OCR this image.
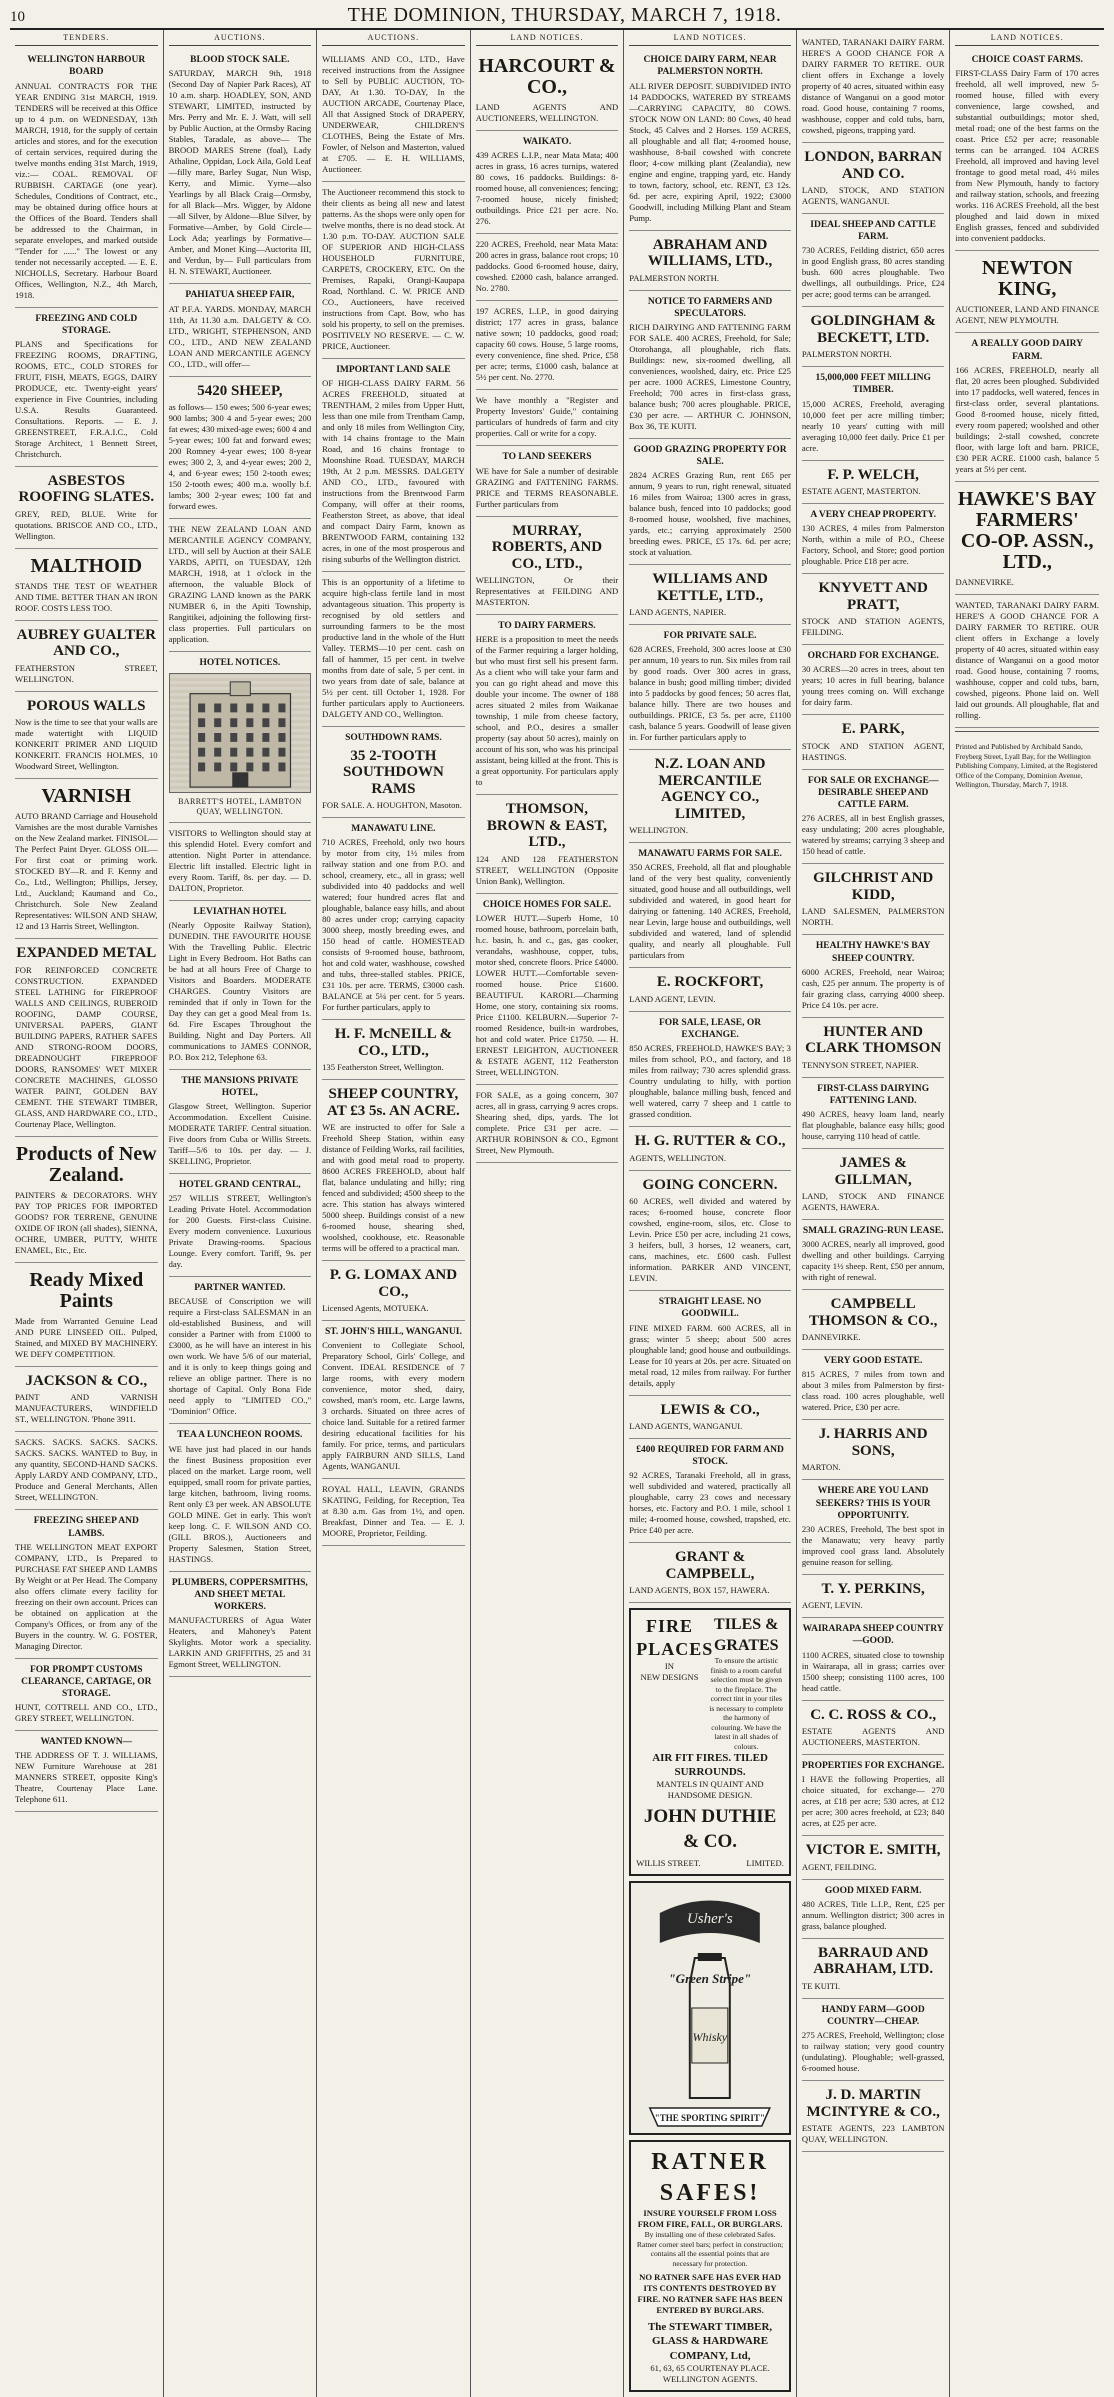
10	THE DOMINION, THURSDAY, MARCH 7, 1918.
TENDERS.
WELLINGTON HARBOUR BOARD

ANNUAL CONTRACTS FOR THE YEAR ENDING 31st MARCH, 1919. TENDERS will be received at this Office up to 4 p.m. on WEDNESDAY, 13th MARCH, 1918, for the supply of certain articles and stores, and for the execution of certain services, required during the twelve months ending 31st March, 1919, viz.:— COAL. REMOVAL OF RUBBISH. CARTAGE (one year). Schedules, Conditions of Contract, etc., may be obtained during office hours at the Offices of the Board. Tenders shall be addressed to the Chairman, in separate envelopes, and marked outside "Tender for ......" The lowest or any tender not necessarily accepted. — E. E. NICHOLLS, Secretary. Harbour Board Offices, Wellington, N.Z., 4th March, 1918.

FREEZING AND COLD STORAGE.

PLANS and Specifications for FREEZING ROOMS, DRAFTING, ROOMS, ETC., COLD STORES for FRUIT, FISH, MEATS, EGGS, DAIRY PRODUCE, etc. Twenty-eight years' experience in Five Countries, including U.S.A. Results Guaranteed. Consultations. Reports. — E. J. GREENSTREET, F.R.A.I.C., Cold Storage Architect, 1 Bennett Street, Christchurch.

ASBESTOS ROOFING SLATES.

GREY, RED, BLUE. Write for quotations. BRISCOE AND CO., LTD., Wellington.

MALTHOID

STANDS THE TEST OF WEATHER AND TIME. BETTER THAN AN IRON ROOF. COSTS LESS TOO.

AUBREY GUALTER AND CO.,

FEATHERSTON STREET, WELLINGTON.

POROUS WALLS

Now is the time to see that your walls are made watertight with LIQUID KONKERIT PRIMER AND LIQUID KONKERIT. FRANCIS HOLMES, 10 Woodward Street, Wellington.

VARNISH

AUTO BRAND Carriage and Household Varnishes are the most durable Varnishes on the New Zealand market. FINISOL—The Perfect Paint Dryer. GLOSS OIL—For first coat or priming work. STOCKED BY—R. and F. Kenny and Co., Ltd., Wellington; Phillips, Jersey, Ltd., Auckland; Kaumand and Co., Christchurch. Sole New Zealand Representatives: WILSON AND SHAW, 12 and 13 Harris Street, Wellington.

EXPANDED METAL

FOR REINFORCED CONCRETE CONSTRUCTION. EXPANDED STEEL LATHING for FIREPROOF WALLS AND CEILINGS, RUBEROID ROOFING, DAMP COURSE, UNIVERSAL PAPERS, GIANT BUILDING PAPERS, RATHER SAFES AND STRONG-ROOM DOORS, DREADNOUGHT FIREPROOF DOORS, RANSOMES' WET MIXER CONCRETE MACHINES, GLOSSO WATER PAINT, GOLDEN BAY CEMENT. THE STEWART TIMBER, GLASS, AND HARDWARE CO., LTD., Courtenay Place, Wellington.

Products of New Zealand.

PAINTERS & DECORATORS. WHY PAY TOP PRICES FOR IMPORTED GOODS? FOR TERRENE, GENUINE OXIDE OF IRON (all shades), SIENNA, OCHRE, UMBER, PUTTY, WHITE ENAMEL, Etc., Etc.

Ready Mixed Paints

Made from Warranted Genuine Lead AND PURE LINSEED OIL. Pulped, Stained, and MIXED BY MACHINERY. WE DEFY COMPETITION.

JACKSON & CO.,

PAINT AND VARNISH MANUFACTURERS, WINDFIELD ST., WELLINGTON. 'Phone 3911.

SACKS. SACKS. SACKS. SACKS. SACKS. SACKS. WANTED to Buy, in any quantity, SECOND-HAND SACKS. Apply LARDY AND COMPANY, LTD., Produce and General Merchants, Allen Street, WELLINGTON.

FREEZING SHEEP AND LAMBS.

THE WELLINGTON MEAT EXPORT COMPANY, LTD., Is Prepared to PURCHASE FAT SHEEP AND LAMBS By Weight or at Per Head. The Company also offers climate every facility for freezing on their own account. Prices can be obtained on application at the Company's Offices, or from any of the Buyers in the country. W. G. FOSTER, Managing Director.

FOR PROMPT CUSTOMS CLEARANCE, CARTAGE, OR STORAGE.

HUNT, COTTRELL AND CO., LTD., GREY STREET, WELLINGTON.

WANTED KNOWN—

THE ADDRESS OF T. J. WILLIAMS, NEW Furniture Warehouse at 281 MANNERS STREET, opposite King's Theatre, Courtenay Place Lane. Telephone 611.

AUCTIONS.
BLOOD STOCK SALE.

SATURDAY, MARCH 9th, 1918 (Second Day of Napier Park Races), AT 10 a.m. sharp. HOADLEY, SON, AND STEWART, LIMITED, instructed by Mrs. Perry and Mr. E. J. Watt, will sell by Public Auction, at the Ormsby Racing Stables, Taradale, as above— The BROOD MARES Strene (foal), Lady Athaline, Oppidan, Lock Aila, Gold Leaf—filly mare, Barley Sugar, Nun Wisp, Kerry, and Mimic. Yyrne—also Yearlings by all Black Craig—Ormsby, for all Black—Mrs. Wigger, by Aldone—all Silver, by Aldone—Blue Silver, by Formative—Amber, by Gold Circle—Lock Ada; yearlings by Formative—Amber, and Monet King—Auctorita III, and Verdun, by— Full particulars from H. N. STEWART, Auctioneer.

PAHIATUA SHEEP FAIR,

AT P.F.A. YARDS. MONDAY, MARCH 11th, At 11.30 a.m. DALGETY & CO. LTD., WRIGHT, STEPHENSON, AND CO., LTD., AND NEW ZEALAND LOAN AND MERCANTILE AGENCY CO., LTD., will offer—

5420 SHEEP,

as follows— 150 ewes; 500 6-year ewes; 900 lambs; 300 4 and 5-year ewes; 200 fat ewes; 430 mixed-age ewes; 600 4 and 5-year ewes; 100 fat and forward ewes; 200 Romney 4-year ewes; 100 8-year ewes; 300 2, 3, and 4-year ewes; 200 2, 4, and 6-year ewes; 150 2-tooth ewes; 150 2-tooth ewes; 400 m.a. woolly b.f. lambs; 300 2-year ewes; 100 fat and forward ewes.

THE NEW ZEALAND LOAN AND MERCANTILE AGENCY COMPANY, LTD., will sell by Auction at their SALE YARDS, APITI, on TUESDAY, 12th MARCH, 1918, at 1 o'clock in the afternoon, the valuable Block of GRAZING LAND known as the PARK NUMBER 6, in the Apiti Township, Rangitikei, adjoining the following first-class properties. Full particulars on application.

HOTEL NOTICES.
BARRETT'S HOTEL, LAMBTON QUAY, WELLINGTON.

VISITORS to Wellington should stay at this splendid Hotel. Every comfort and attention. Night Porter in attendance. Electric lift installed. Electric light in every Room. Tariff, 8s. per day. — D. DALTON, Proprietor.

LEVIATHAN HOTEL

(Nearly Opposite Railway Station), DUNEDIN. THE FAVOURITE HOUSE With the Travelling Public. Electric Light in Every Bedroom. Hot Baths can be had at all hours Free of Charge to Visitors and Boarders. MODERATE CHARGES. Country Visitors are reminded that if only in Town for the Day they can get a good Meal from 1s. 6d. Fire Escapes Throughout the Building. Night and Day Porters. All communications to JAMES CONNOR, P.O. Box 212, Telephone 63.

THE MANSIONS PRIVATE HOTEL,

Glasgow Street, Wellington. Superior Accommodation. Excellent Cuisine. MODERATE TARIFF. Central situation. Five doors from Cuba or Willis Streets. Tariff—5/6 to 10s. per day. — J. SKELLING, Proprietor.

HOTEL GRAND CENTRAL,

257 WILLIS STREET, Wellington's Leading Private Hotel. Accommodation for 200 Guests. First-class Cuisine. Every modern convenience. Luxurious Private Drawing-rooms. Spacious Lounge. Every comfort. Tariff, 9s. per day.

PARTNER WANTED.

BECAUSE of Conscription we will require a First-class SALESMAN in an old-established Business, and will consider a Partner with from £1000 to £3000, as he will have an interest in his own work. We have 5/6 of our material, and it is only to keep things going and relieve an oblige partner. There is no shortage of Capital. Only Bona Fide need apply to "LIMITED CO.," "Dominion" Office.

TEA A LUNCHEON ROOMS.

WE have just had placed in our hands the finest Business proposition ever placed on the market. Large room, well equipped, small room for private parties, large kitchen, bathroom, living rooms. Rent only £3 per week. AN ABSOLUTE GOLD MINE. Get in early. This won't keep long. C. F. WILSON AND CO. (GILL BROS.), Auctioneers and Property Salesmen, Station Street, HASTINGS.

PLUMBERS, COPPERSMITHS, AND SHEET METAL WORKERS.

MANUFACTURERS of Agua Water Heaters, and Mahoney's Patent Skylights. Motor work a speciality. LARKIN AND GRIFFITHS, 25 and 31 Egmont Street, WELLINGTON.

AUCTIONS.

WILLIAMS AND CO., LTD., Have received instructions from the Assignee to Sell by PUBLIC AUCTION, TO-DAY, At 1.30. TO-DAY, In the AUCTION ARCADE, Courtenay Place, All that Assigned Stock of DRAPERY, UNDERWEAR, CHILDREN'S CLOTHES, Being the Estate of Mrs. Fowler, of Nelson and Masterton, valued at £705. — E. H. WILLIAMS, Auctioneer.

The Auctioneer recommend this stock to their clients as being all new and latest patterns. As the shops were only open for twelve months, there is no dead stock. At 1.30 p.m. TO-DAY. AUCTION SALE OF SUPERIOR AND HIGH-CLASS HOUSEHOLD FURNITURE, CARPETS, CROCKERY, ETC. On the Premises, Rapaki, Orangi-Kaupapa Road, Northland. C. W. PRICE AND CO., Auctioneers, have received instructions from Capt. Bow, who has sold his property, to sell on the premises. POSITIVELY NO RESERVE. — C. W. PRICE, Auctioneer.

IMPORTANT LAND SALE

OF HIGH-CLASS DAIRY FARM. 56 ACRES FREEHOLD, situated at TRENTHAM, 2 miles from Upper Hutt, less than one mile from Trentham Camp, and only 18 miles from Wellington City, with 14 chains frontage to the Main Road, and 16 chains frontage to Moonshine Road. TUESDAY, MARCH 19th, At 2 p.m. MESSRS. DALGETY AND CO., LTD., favoured with instructions from the Brentwood Farm Company, will offer at their rooms, Featherston Street, as above, that ideal and compact Dairy Farm, known as BRENTWOOD FARM, containing 132 acres, in one of the most prosperous and rising suburbs of the Wellington district.

This is an opportunity of a lifetime to acquire high-class fertile land in most advantageous situation. This property is recognised by old settlers and surrounding farmers to be the most productive land in the whole of the Hutt Valley. TERMS—10 per cent. cash on fall of hammer, 15 per cent. in twelve months from date of sale, 5 per cent. in two years from date of sale, balance at 5½ per cent. till October 1, 1928. For further particulars apply to Auctioneers. DALGETY AND CO., Wellington.

SOUTHDOWN RAMS.
35 2-TOOTH SOUTHDOWN RAMS

FOR SALE. A. HOUGHTON, Masoton.

MANAWATU LINE.

710 ACRES, Freehold, only two hours by motor from city, 1½ miles from railway station and one from P.O. and school, creamery, etc., all in grass; well subdivided into 40 paddocks and well watered; four hundred acres flat and ploughable, balance easy hills, and about 80 acres under crop; carrying capacity 3000 sheep, mostly breeding ewes, and 150 head of cattle. HOMESTEAD consists of 9-roomed house, bathroom, hot and cold water, washhouse, cowshed and tubs, three-stalled stables. PRICE, £31 10s. per acre. TERMS, £3000 cash. BALANCE at 5¼ per cent. for 5 years. For further particulars, apply to

H. F. McNEILL & CO., LTD.,

135 Featherston Street, Wellington.

SHEEP COUNTRY, AT £3 5s. AN ACRE.

WE are instructed to offer for Sale a Freehold Sheep Station, within easy distance of Feilding Works, rail facilities, and with good metal road to property. 8600 ACRES FREEHOLD, about half flat, balance undulating and hilly; ring fenced and subdivided; 4500 sheep to the acre. This station has always wintered 5000 sheep. Buildings consist of a new 6-roomed house, shearing shed, woolshed, cookhouse, etc. Reasonable terms will be offered to a practical man.

P. G. LOMAX AND CO.,

Licensed Agents, MOTUEKA.

ST. JOHN'S HILL, WANGANUI.

Convenient to Collegiate School, Preparatory School, Girls' College, and Convent. IDEAL RESIDENCE of 7 large rooms, with every modern convenience, motor shed, dairy, cowshed, man's room, etc. Large lawns, 3 orchards. Situated on three acres of choice land. Suitable for a retired farmer desiring educational facilities for his family. For price, terms, and particulars apply FAIRBURN AND SILLS, Land Agents, WANGANUI.

ROYAL HALL, LEAVIN, GRANDS SKATING, Feilding, for Reception, Tea at 8.30 a.m. Gas from 1½, and open. Breakfast, Dinner and Tea. — E. J. MOORE, Proprietor, Feilding.

LAND NOTICES.
HARCOURT & CO.,

LAND AGENTS AND AUCTIONEERS, WELLINGTON.

WAIKATO.

439 ACRES L.I.P., near Mata Mata; 400 acres in grass, 16 acres turnips, watered 80 cows, 16 paddocks. Buildings: 8-roomed house, all conveniences; fencing; 7-roomed house, nicely finished; outbuildings. Price £21 per acre. No. 276.

220 ACRES, Freehold, near Mata Mata: 200 acres in grass, balance root crops; 10 paddocks. Good 6-roomed house, dairy, cowshed. £2000 cash, balance arranged. No. 2780.

197 ACRES, L.I.P., in good dairying district; 177 acres in grass, balance native sown; 10 paddocks, good road; capacity 60 cows. House, 5 large rooms, every convenience, fine shed. Price, £58 per acre; terms, £1000 cash, balance at 5½ per cent. No. 2770.

We have monthly a "Register and Property Investors' Guide," containing particulars of hundreds of farm and city properties. Call or write for a copy.

TO LAND SEEKERS

WE have for Sale a number of desirable GRAZING and FATTENING FARMS. PRICE and TERMS REASONABLE. Further particulars from

MURRAY, ROBERTS, AND CO., LTD.,

WELLINGTON, Or their Representatives at FEILDING AND MASTERTON.

TO DAIRY FARMERS.

HERE is a proposition to meet the needs of the Farmer requiring a larger holding, but who must first sell his present farm. As a client who will take your farm and you can go right ahead and move this double your income. The owner of 188 acres situated 2 miles from Waikanae township, 1 mile from cheese factory, school, and P.O., desires a smaller property (say about 50 acres), mainly on account of his son, who was his principal assistant, being killed at the front. This is a great opportunity. For particulars apply to

THOMSON, BROWN & EAST, LTD.,

124 AND 128 FEATHERSTON STREET, WELLINGTON (Opposite Union Bank), Wellington.

CHOICE HOMES FOR SALE.

LOWER HUTT.—Superb Home, 10 roomed house, bathroom, porcelain bath, h.c. basin, h. and c., gas, gas cooker, verandahs, washhouse, copper, tubs, motor shed, concrete floors. Price £4000. LOWER HUTT.—Comfortable seven-roomed house. Price £1600. BEAUTIFUL KARORI.—Charming Home, one story, containing six rooms. Price £1100. KELBURN.—Superior 7-roomed Residence, built-in wardrobes, hot and cold water. Price £1750. — H. ERNEST LEIGHTON, AUCTIONEER & ESTATE AGENT, 112 Featherston Street, WELLINGTON.

FOR SALE, as a going concern, 307 acres, all in grass, carrying 9 acres crops. Shearing shed, dips, yards. The lot complete. Price £31 per acre. — ARTHUR ROBINSON & CO., Egmont Street, New Plymouth.

LAND NOTICES.
CHOICE DAIRY FARM, NEAR PALMERSTON NORTH.

ALL RIVER DEPOSIT. SUBDIVIDED INTO 14 PADDOCKS, WATERED BY STREAMS—CARRYING CAPACITY, 80 COWS. STOCK NOW ON LAND: 80 Cows, 40 head Stock, 45 Calves and 2 Horses. 159 ACRES, all ploughable and all flat; 4-roomed house, washhouse, 8-bail cowshed with concrete floor; 4-cow milking plant (Zealandia), new engine and engine, trapping yard, etc. Handy to town, factory, school, etc. RENT, £3 12s. 6d. per acre, expiring April, 1922; £3000 Goodwill, including Milking Plant and Steam Pump.

ABRAHAM AND WILLIAMS, LTD.,

PALMERSTON NORTH.

NOTICE TO FARMERS AND SPECULATORS.

RICH DAIRYING AND FATTENING FARM FOR SALE. 400 ACRES, Freehold, for Sale; Otorohanga, all ploughable, rich flats. Buildings: new, six-roomed dwelling, all conveniences, woolshed, dairy, etc. Price £25 per acre. 1000 ACRES, Limestone Country, Freehold; 700 acres in first-class grass, balance bush; 700 acres ploughable. PRICE, £30 per acre. — ARTHUR C. JOHNSON, Box 36, TE KUITI.

GOOD GRAZING PROPERTY FOR SALE.

2824 ACRES Grazing Run, rent £65 per annum, 9 years to run, right renewal, situated 16 miles from Wairoa; 1300 acres in grass, balance bush, fenced into 10 paddocks; good 8-roomed house, woolshed, five machines, yards, etc.; carrying approximately 2500 breeding ewes. PRICE, £5 17s. 6d. per acre; stock at valuation.

WILLIAMS AND KETTLE, LTD.,

LAND AGENTS, NAPIER.

FOR PRIVATE SALE.

628 ACRES, Freehold, 300 acres loose at £30 per annum, 10 years to run. Six miles from rail by good roads. Over 300 acres in grass, balance in bush; good milling timber; divided into 5 paddocks by good fences; 50 acres flat, balance hilly. There are two houses and outbuildings. PRICE, £3 5s. per acre, £1100 cash, balance 5 years. Goodwill of lease given in. For further particulars apply to

N.Z. LOAN AND MERCANTILE AGENCY CO., LIMITED,

WELLINGTON.

MANAWATU FARMS FOR SALE.

350 ACRES, Freehold, all flat and ploughable land of the very best quality, conveniently situated, good house and all outbuildings, well subdivided and watered, in good heart for dairying or fattening. 140 ACRES, Freehold, near Levin, large house and outbuildings, well subdivided and watered, land of splendid quality, and nearly all ploughable. Full particulars from

E. ROCKFORT,

LAND AGENT, LEVIN.

FOR SALE, LEASE, OR EXCHANGE.

850 ACRES, FREEHOLD, HAWKE'S BAY; 3 miles from school, P.O., and factory, and 18 miles from railway; 730 acres splendid grass. Country undulating to hilly, with portion ploughable, balance milling bush, fenced and well watered, carry 7 sheep and 1 cattle to grassed condition.

H. G. RUTTER & CO.,

AGENTS, WELLINGTON.

GOING CONCERN.

60 ACRES, well divided and watered by races; 6-roomed house, concrete floor cowshed, engine-room, silos, etc. Close to Levin. Price £50 per acre, including 21 cows, 3 heifers, bull, 3 horses, 12 weaners, cart, cans, machines, etc. £600 cash. Fullest information. PARKER AND VINCENT, LEVIN.

STRAIGHT LEASE. NO GOODWILL.

FINE MIXED FARM. 600 ACRES, all in grass; winter 5 sheep; about 500 acres ploughable land; good house and outbuildings. Lease for 10 years at 20s. per acre. Situated on metal road, 12 miles from railway. For further details, apply

LEWIS & CO.,

LAND AGENTS, WANGANUI.

£400 REQUIRED FOR FARM AND STOCK.

92 ACRES, Taranaki Freehold, all in grass, well subdivided and watered, practically all ploughable, carry 23 cows and necessary horses, etc. Factory and P.O. 1 mile, school 1 mile; 4-roomed house, cowshed, trapshed, etc. Price £40 per acre.

GRANT & CAMPBELL,

LAND AGENTS, BOX 157, HAWERA.

FIRE PLACES
IN
NEW DESIGNS
TILES & GRATES
To ensure the artistic finish to a room careful selection must be given to the fireplace. The correct tint in your tiles is necessary to complete the harmony of colouring. We have the latest in all shades of colours.
AIR FIT FIRES. TILED SURROUNDS.
MANTELS IN QUAINT AND HANDSOME DESIGN.
JOHN DUTHIE & CO.
WILLIS STREET.	LIMITED.
Usher's
"Green Stripe"
Whisky
"THE SPORTING SPIRIT"
RATNER SAFES!
INSURE YOURSELF FROM LOSS FROM FIRE, FALL, OR BURGLARS.
By installing one of these celebrated Safes. Ratner corner steel bars; perfect in construction; contains all the essential points that are necessary for protection.
NO RATNER SAFE HAS EVER HAD ITS CONTENTS DESTROYED BY FIRE. NO RATNER SAFE HAS BEEN ENTERED BY BURGLARS.
The STEWART TIMBER, GLASS & HARDWARE COMPANY, Ltd,
61, 63, 65 COURTENAY PLACE. WELLINGTON AGENTS.

WANTED, TARANAKI DAIRY FARM. HERE'S A GOOD CHANCE FOR A DAIRY FARMER TO RETIRE. OUR client offers in Exchange a lovely property of 40 acres, situated within easy distance of Wanganui on a good motor road. Good house, containing 7 rooms, washhouse, copper and cold tubs, barn, cowshed, pigeons, trapping yard.

LONDON, BARRAN AND CO.

LAND, STOCK, AND STATION AGENTS, WANGANUI.

IDEAL SHEEP AND CATTLE FARM.

730 ACRES, Feilding district, 650 acres in good English grass, 80 acres standing bush. 600 acres ploughable. Two dwellings, all outbuildings. Price, £24 per acre; good terms can be arranged.

GOLDINGHAM & BECKETT, LTD.

PALMERSTON NORTH.

15,000,000 FEET MILLING TIMBER.

15,000 ACRES, Freehold, averaging 10,000 feet per acre milling timber; nearly 10 years' cutting with mill averaging 10,000 feet daily. Price £1 per acre.

F. P. WELCH,

ESTATE AGENT, MASTERTON.

A VERY CHEAP PROPERTY.

130 ACRES, 4 miles from Palmerston North, within a mile of P.O., Cheese Factory, School, and Store; good portion ploughable. Price £18 per acre.

KNYVETT AND PRATT,

STOCK AND STATION AGENTS, FEILDING.

ORCHARD FOR EXCHANGE.

30 ACRES—20 acres in trees, about ten years; 10 acres in full bearing, balance young trees coming on. Will exchange for dairy farm.

E. PARK,

STOCK AND STATION AGENT, HASTINGS.

FOR SALE OR EXCHANGE—DESIRABLE SHEEP AND CATTLE FARM.

276 ACRES, all in best English grasses, easy undulating; 200 acres ploughable, watered by streams; carrying 3 sheep and 150 head of cattle.

GILCHRIST AND KIDD,

LAND SALESMEN, PALMERSTON NORTH.

HEALTHY HAWKE'S BAY SHEEP COUNTRY.

6000 ACRES, Freehold, near Wairoa; cash, £25 per annum. The property is of fair grazing class, carrying 4000 sheep. Price £4 10s. per acre.

HUNTER AND CLARK THOMSON

TENNYSON STREET, NAPIER.

FIRST-CLASS DAIRYING FATTENING LAND.

490 ACRES, heavy loam land, nearly flat ploughable, balance easy hills; good house, carrying 110 head of cattle.

JAMES & GILLMAN,

LAND, STOCK AND FINANCE AGENTS, HAWERA.

SMALL GRAZING-RUN LEASE.

3000 ACRES, nearly all improved, good dwelling and other buildings. Carrying capacity 1½ sheep. Rent, £50 per annum, with right of renewal.

CAMPBELL THOMSON & CO.,

DANNEVIRKE.

VERY GOOD ESTATE.

815 ACRES, 7 miles from town and about 3 miles from Palmerston by first-class road. 100 acres ploughable, well watered. Price, £30 per acre.

J. HARRIS AND SONS,

MARTON.

WHERE ARE YOU LAND SEEKERS? THIS IS YOUR OPPORTUNITY.

230 ACRES, Freehold, The best spot in the Manawatu; very heavy partly improved cool grass land. Absolutely genuine reason for selling.

T. Y. PERKINS,

AGENT, LEVIN.

WAIRARAPA SHEEP COUNTRY—GOOD.

1100 ACRES, situated close to township in Wairarapa, all in grass; carries over 1500 sheep; consisting 1100 acres, 100 head cattle.

C. C. ROSS & CO.,

ESTATE AGENTS AND AUCTIONEERS, MASTERTON.

PROPERTIES FOR EXCHANGE.

I HAVE the following Properties, all choice situated, for exchange— 270 acres, at £18 per acre; 530 acres, at £12 per acre; 300 acres freehold, at £23; 840 acres, at £25 per acre.

VICTOR E. SMITH,

AGENT, FEILDING.

GOOD MIXED FARM.

480 ACRES, Title L.I.P., Rent, £25 per annum. Wellington district; 300 acres in grass, balance ploughed.

BARRAUD AND ABRAHAM, LTD.

TE KUITI.

HANDY FARM—GOOD COUNTRY—CHEAP.

275 ACRES, Freehold, Wellington; close to railway station; very good country (undulating). Ploughable; well-grassed, 6-roomed house.

J. D. MARTIN MCINTYRE & CO.,

ESTATE AGENTS, 223 LAMBTON QUAY, WELLINGTON.

LAND NOTICES.
CHOICE COAST FARMS.

FIRST-CLASS Dairy Farm of 170 acres freehold, all well improved, new 5-roomed house, filled with every convenience, large cowshed, and substantial outbuildings; motor shed, metal road; one of the best farms on the coast. Price £52 per acre; reasonable terms can be arranged. 104 ACRES Freehold, all improved and having level frontage to good metal road, 4½ miles from New Plymouth, handy to factory and railway station, schools, and freezing works. 116 ACRES Freehold, all the best ploughed and laid down in mixed English grasses, fenced and subdivided into convenient paddocks.

NEWTON KING,

AUCTIONEER, LAND AND FINANCE AGENT, NEW PLYMOUTH.

A REALLY GOOD DAIRY FARM.

166 ACRES, FREEHOLD, nearly all flat, 20 acres been ploughed. Subdivided into 17 paddocks, well watered, fences in first-class order, several plantations. Good 8-roomed house, nicely fitted, every room papered; woolshed and other buildings; 2-stall cowshed, concrete floor, with large loft and barn. PRICE, £30 PER ACRE. £1000 cash, balance 5 years at 5½ per cent.

HAWKE'S BAY FARMERS' CO-OP. ASSN., LTD.,

DANNEVIRKE.

WANTED, TARANAKI DAIRY FARM. HERE'S A GOOD CHANCE FOR A DAIRY FARMER TO RETIRE. OUR client offers in Exchange a lovely property of 40 acres, situated within easy distance of Wanganui on a good motor road. Good house, containing 7 rooms, washhouse, copper and cold tubs, barn, cowshed, pigeons. Phone laid on. Well laid out grounds. All ploughable, flat and rolling.

Printed and Published by Archibald Sando, Freyberg Street, Lyall Bay, for the Wellington Publishing Company, Limited, at the Registered Office of the Company, Dominion Avenue, Wellington, Thursday, March 7, 1918.
